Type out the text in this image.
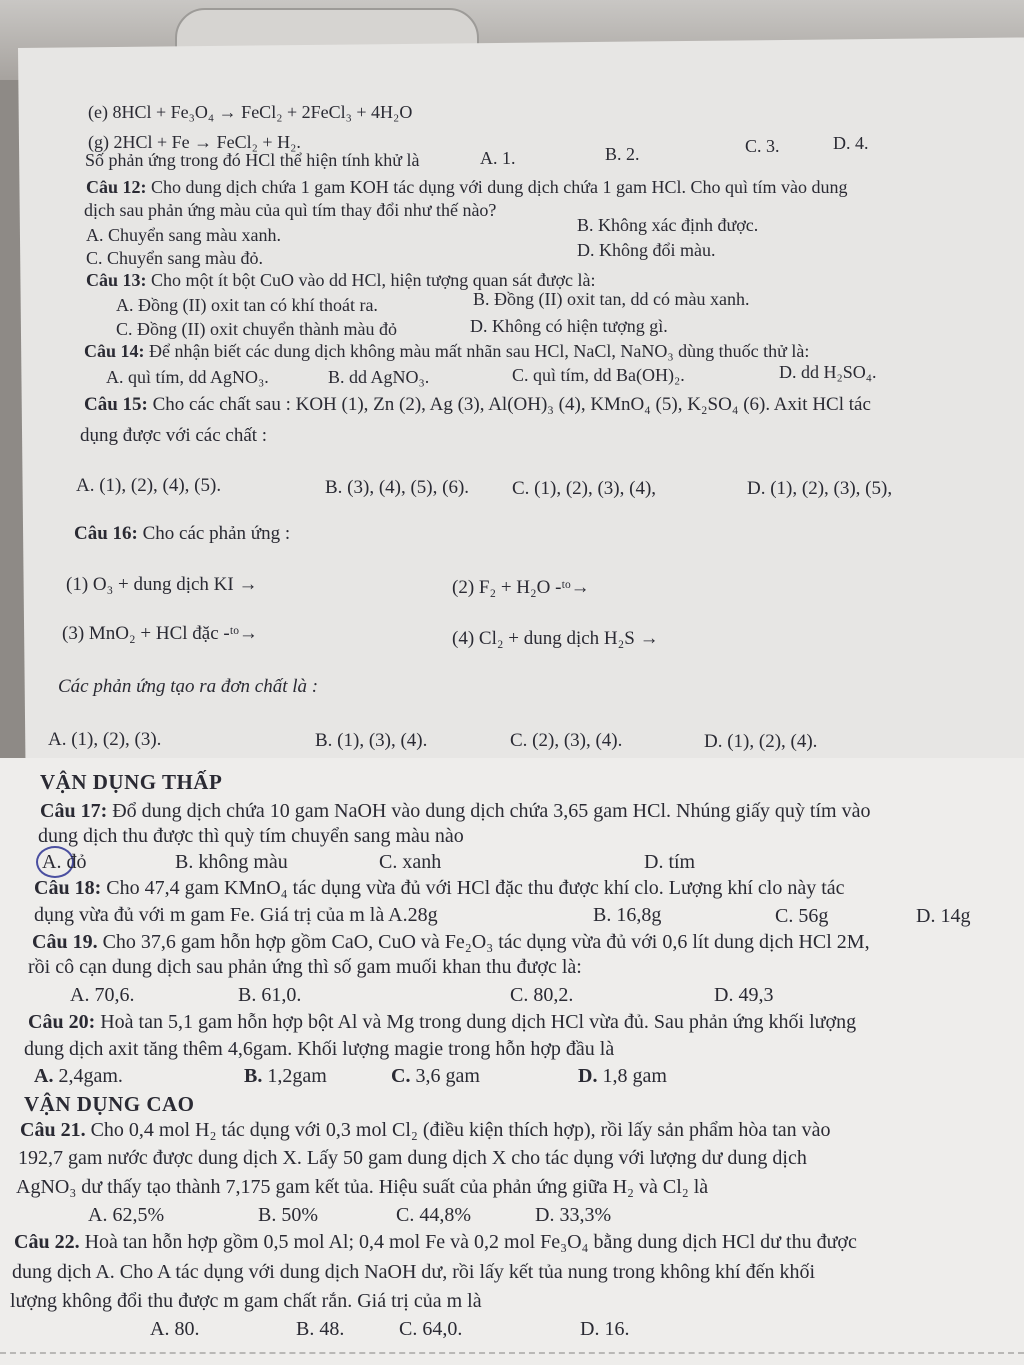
(e) 8HCl + Fe₃O₄ → FeCl₂ + 2FeCl₃ + 4H₂O
(g) 2HCl + Fe → FeCl₂ + H₂.
Số phản ứng trong đó HCl thể hiện tính khử là	A. 1.	B. 2.	C. 3.	D. 4.
Câu 12: Cho dung dịch chứa 1 gam KOH tác dụng với dung dịch chứa 1 gam HCl. Cho quì tím vào dung
dịch sau phản ứng màu của quì tím thay đổi như thế nào?
A. Chuyển sang màu xanh.	B. Không xác định được.
C. Chuyển sang màu đỏ.	D. Không đổi màu.
Câu 13: Cho một ít bột CuO vào dd HCl, hiện tượng quan sát được là:
A. Đồng (II) oxit tan có khí thoát ra.	B. Đồng (II) oxit tan, dd có màu xanh.
C. Đồng (II) oxit chuyển thành màu đỏ	D. Không có hiện tượng gì.
Câu 14: Để nhận biết các dung dịch không màu mất nhãn sau HCl, NaCl, NaNO₃ dùng thuốc thử là:
A. quì tím, dd AgNO₃.	B. dd AgNO₃.	C. quì tím, dd Ba(OH)₂.	D. dd H₂SO₄.
Câu 15: Cho các chất sau : KOH (1), Zn (2), Ag (3), Al(OH)₃ (4), KMnO₄ (5), K₂SO₄ (6). Axit HCl tác
dụng được với các chất :
A. (1), (2), (4), (5).	B. (3), (4), (5), (6). C. (1), (2), (3), (4),	D. (1), (2), (3), (5),
Câu 16: Cho các phản ứng :
(1) O₃ + dung dịch KI →	(2) F₂ + H₂O -ᵗᵒ→
(3) MnO₂ + HCl đặc -ᵗᵒ→	(4) Cl₂ + dung dịch H₂S →
Các phản ứng tạo ra đơn chất là :
A. (1), (2), (3).	B. (1), (3), (4).	C. (2), (3), (4).	D. (1), (2), (4).
VẬN DỤNG THẤP
Câu 17: Đổ dung dịch chứa 10 gam NaOH vào dung dịch chứa 3,65 gam HCl. Nhúng giấy quỳ tím vào
dung dịch thu được thì quỳ tím chuyển sang màu nào
A. đỏ	B. không màu	C. xanh	D. tím
Câu 18: Cho 47,4 gam KMnO₄ tác dụng vừa đủ với HCl đặc thu được khí clo. Lượng khí clo này tác
dụng vừa đủ với m gam Fe. Giá trị của m là A.28g	B. 16,8g	C. 56g	D. 14g
Câu 19. Cho 37,6 gam hỗn hợp gồm CaO, CuO và Fe₂O₃ tác dụng vừa đủ với 0,6 lít dung dịch HCl 2M,
rồi cô cạn dung dịch sau phản ứng thì số gam muối khan thu được là:
A. 70,6.	B. 61,0.	C. 80,2.	D. 49,3
Câu 20: Hoà tan 5,1 gam hỗn hợp bột Al và Mg trong dung dịch HCl vừa đủ. Sau phản ứng khối lượng
dung dịch axit tăng thêm 4,6gam. Khối lượng magie trong hỗn hợp đầu là
A. 2,4gam.	B. 1,2gam	C. 3,6 gam	D. 1,8 gam
VẬN DỤNG CAO
Câu 21. Cho 0,4 mol H₂ tác dụng với 0,3 mol Cl₂ (điều kiện thích hợp), rồi lấy sản phẩm hòa tan vào
192,7 gam nước được dung dịch X. Lấy 50 gam dung dịch X cho tác dụng với lượng dư dung dịch
AgNO₃ dư thấy tạo thành 7,175 gam kết tủa. Hiệu suất của phản ứng giữa H₂ và Cl₂ là
A. 62,5%	B. 50%	C. 44,8%	D. 33,3%
Câu 22. Hoà tan hỗn hợp gồm 0,5 mol Al; 0,4 mol Fe và 0,2 mol Fe₃O₄ bằng dung dịch HCl dư thu được
dung dịch A. Cho A tác dụng với dung dịch NaOH dư, rồi lấy kết tủa nung trong không khí đến khối
lượng không đổi thu được m gam chất rắn. Giá trị của m là
A. 80.	B. 48.	C. 64,0.	D. 16.
